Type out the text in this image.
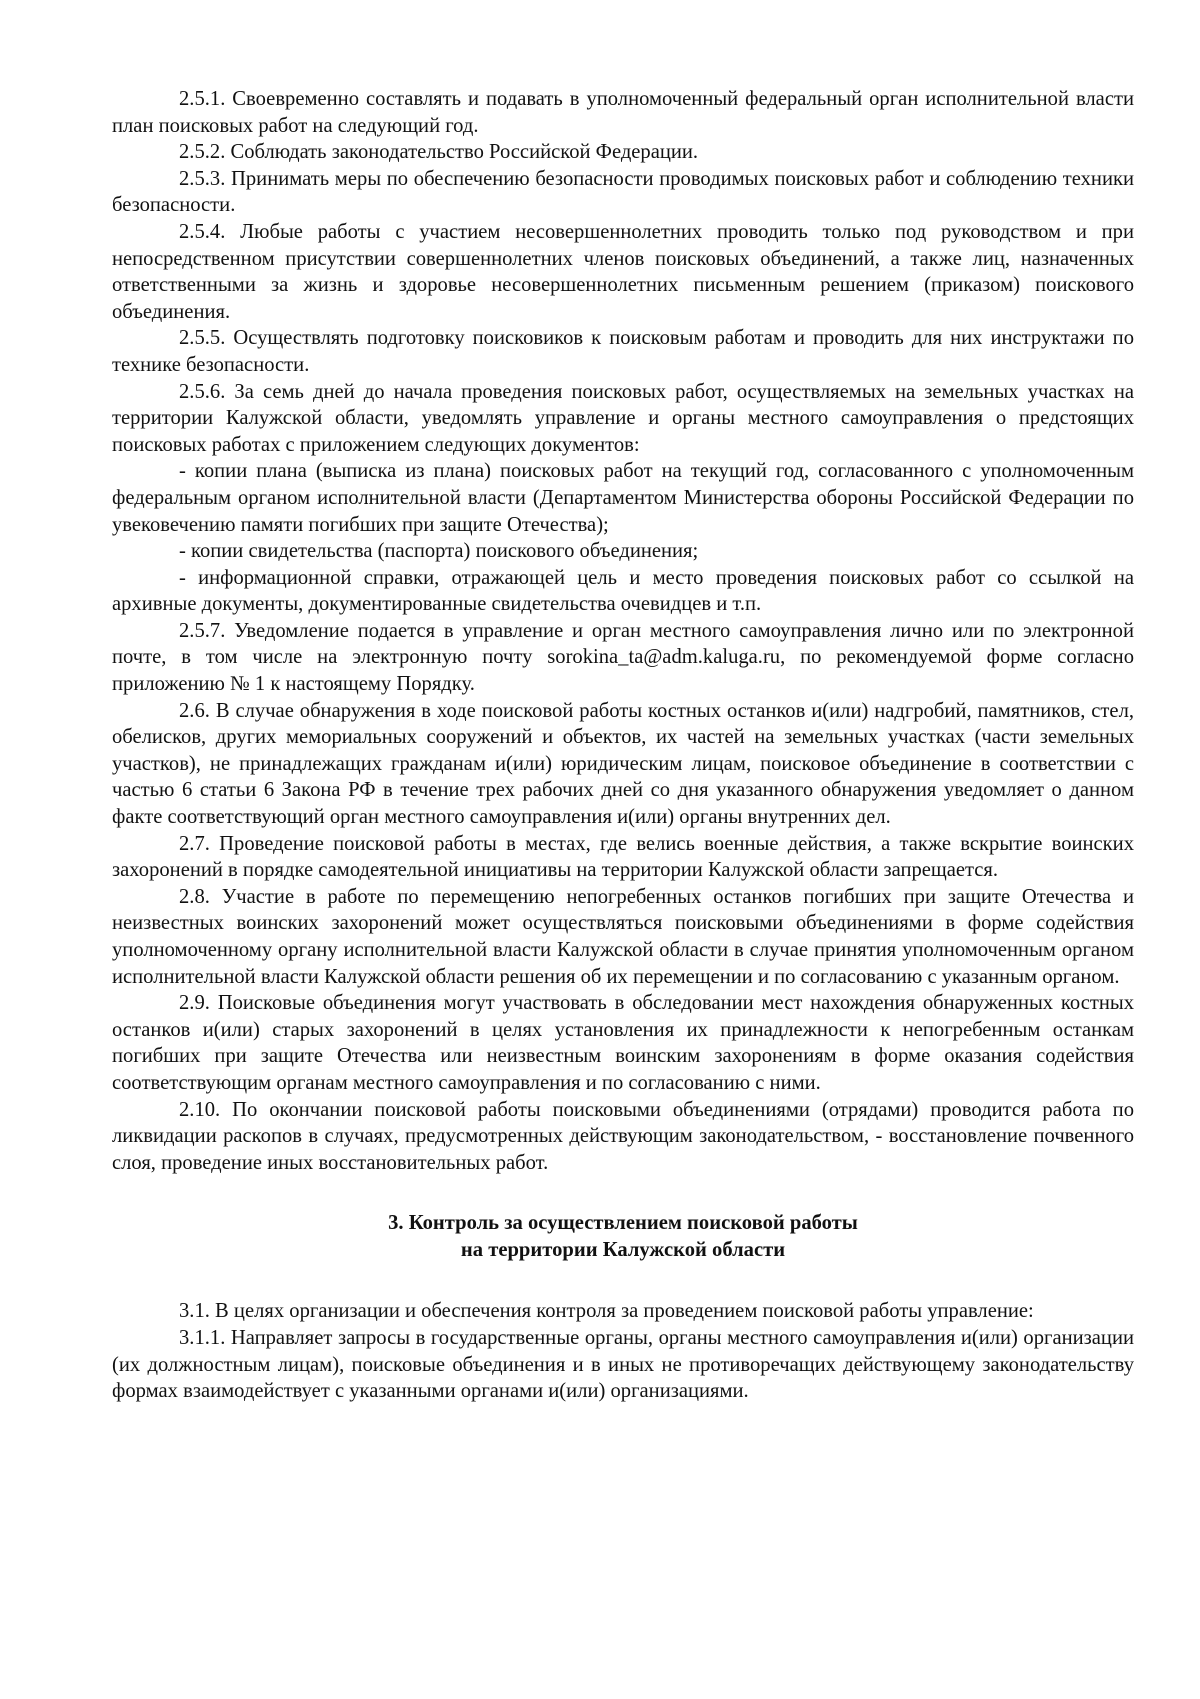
2.5.1. Своевременно составлять и подавать в уполномоченный федеральный орган исполнительной власти план поисковых работ на следующий год.

2.5.2. Соблюдать законодательство Российской Федерации.

2.5.3. Принимать меры по обеспечению безопасности проводимых поисковых работ и соблюдению техники безопасности.

2.5.4. Любые работы с участием несовершеннолетних проводить только под руководством и при непосредственном присутствии совершеннолетних членов поисковых объединений, а также лиц, назначенных ответственными за жизнь и здоровье несовершеннолетних письменным решением (приказом) поискового объединения.

2.5.5. Осуществлять подготовку поисковиков к поисковым работам и проводить для них инструктажи по технике безопасности.

2.5.6. За семь дней до начала проведения поисковых работ, осуществляемых на земельных участках на территории Калужской области, уведомлять управление и органы местного самоуправления о предстоящих поисковых работах с приложением следующих документов:

- копии плана (выписка из плана) поисковых работ на текущий год, согласованного с уполномоченным федеральным органом исполнительной власти (Департаментом Министерства обороны Российской Федерации по увековечению памяти погибших при защите Отечества);

- копии свидетельства (паспорта) поискового объединения;

- информационной справки, отражающей цель и место проведения поисковых работ со ссылкой на архивные документы, документированные свидетельства очевидцев и т.п.

2.5.7. Уведомление подается в управление и орган местного самоуправления лично или по электронной почте, в том числе на электронную почту sorokina_ta@adm.kaluga.ru, по рекомендуемой форме согласно приложению № 1 к настоящему Порядку.

2.6. В случае обнаружения в ходе поисковой работы костных останков и(или) надгробий, памятников, стел, обелисков, других мемориальных сооружений и объектов, их частей на земельных участках (части земельных участков), не принадлежащих гражданам и(или) юридическим лицам, поисковое объединение в соответствии с частью 6 статьи 6 Закона РФ в течение трех рабочих дней со дня указанного обнаружения уведомляет о данном факте соответствующий орган местного самоуправления и(или) органы внутренних дел.

2.7. Проведение поисковой работы в местах, где велись военные действия, а также вскрытие воинских захоронений в порядке самодеятельной инициативы на территории Калужской области запрещается.

2.8. Участие в работе по перемещению непогребенных останков погибших при защите Отечества и неизвестных воинских захоронений может осуществляться поисковыми объединениями в форме содействия уполномоченному органу исполнительной власти Калужской области в случае принятия уполномоченным органом исполнительной власти Калужской области решения об их перемещении и по согласованию с указанным органом.

2.9. Поисковые объединения могут участвовать в обследовании мест нахождения обнаруженных костных останков и(или) старых захоронений в целях установления их принадлежности к непогребенным останкам погибших при защите Отечества или неизвестным воинским захоронениям в форме оказания содействия соответствующим органам местного самоуправления и по согласованию с ними.

2.10. По окончании поисковой работы поисковыми объединениями (отрядами) проводится работа по ликвидации раскопов в случаях, предусмотренных действующим законодательством, - восстановление почвенного слоя, проведение иных восстановительных работ.

3. Контроль за осуществлением поисковой работы
на территории Калужской области

3.1. В целях организации и обеспечения контроля за проведением поисковой работы управление:

3.1.1. Направляет запросы в государственные органы, органы местного самоуправления и(или) организации (их должностным лицам), поисковые объединения и в иных не противоречащих действующему законодательству формах взаимодействует с указанными органами и(или) организациями.
